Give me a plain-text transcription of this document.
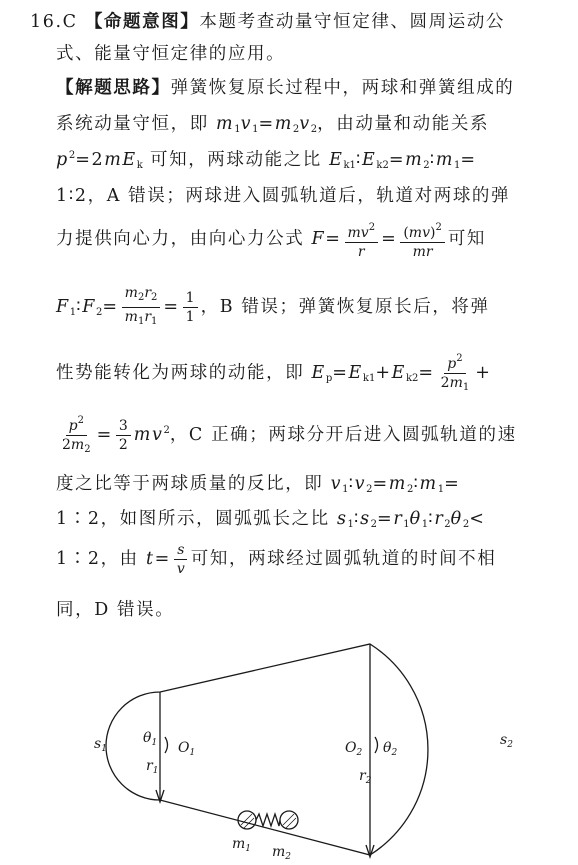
16.C 【命题意图】本题考查动量守恒定律、圆周运动公
式、能量守恒定律的应用。
【解题思路】弹簧恢复原长过程中，两球和弹簧组成的
系统动量守恒，即 $m_1v_1=m_2v_2$，由动量和动能关系
$p^2=2mE_k$ 可知，两球动能之比 $E_{k1}∶E_{k2}=m_2∶m_1=$
1∶2，A 错误；两球进入圆弧轨道后，轨道对两球的弹
力提供向心力，由向心力公式 $F= \frac{mv^2}{r} = \frac{(mv)^2}{mr}$ 可知
$F_1∶F_2= \frac{m_2r_2}{m_1r_1} = \frac{1}{1}$ ，B 错误；弹簧恢复原长后，将弹
性势能转化为两球的动能，即 $E_p=E_{k1}+E_{k2}= \frac{p^2}{2m_1}$ +
$\frac{p^2}{2m_2} = \frac{3}{2} mv^2$，C 正确；两球分开后进入圆弧轨道的速
度之比等于两球质量的反比，即 $v_1∶v_2=m_2∶m_1=$
1∶2，如图所示，圆弧弧长之比 $s_1∶s_2=r_1\theta_1∶r_2\theta_2<$
1∶2，由 $t= \frac{s}{v}$ 可知，两球经过圆弧轨道的时间不相
同，D 错误。
$s_1$
$s_2$
$\theta_1$ $O_1$
$r_1$
$O_2$ $\theta_2$
$r_2$
$m_1$ $m_2$
